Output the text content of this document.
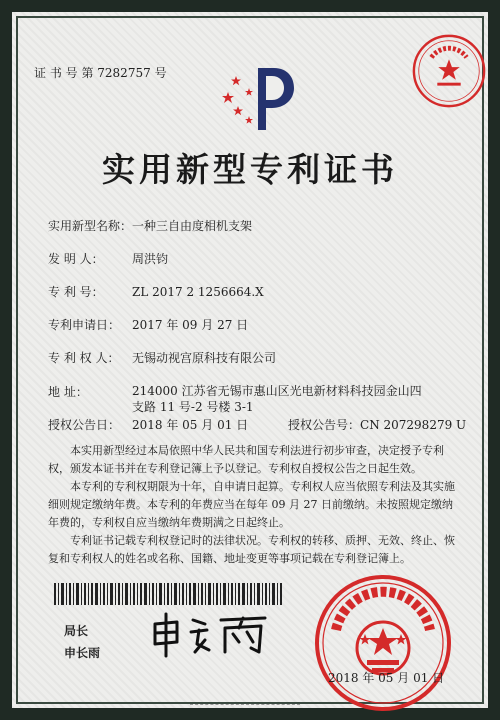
证 书 号 第 7282757 号
实用新型专利证书
实用新型名称：一种三自由度相机支架
发 明 人： 周洪钧
专 利 号： ZL 2017 2 1256664.X
专利申请日： 2017 年 09 月 27 日
专 利 权 人： 无锡动视宫原科技有限公司
地 址：	214000 江苏省无锡市惠山区光电新材料科技园金山四支路 11 号-2 号楼 3-1
授权公告日： 2018 年 05 月 01 日	授权公告号：CN 207298279 U
本实用新型经过本局依照中华人民共和国专利法进行初步审查，决定授予专利权，颁发本证书并在专利登记簿上予以登记。专利权自授权公告之日起生效。
本专利的专利权期限为十年，自申请日起算。专利权人应当依照专利法及其实施细则规定缴纳年费。本专利的年费应当在每年 09 月 27 日前缴纳。未按照规定缴纳年费的，专利权自应当缴纳年费期满之日起终止。
专利证书记载专利权登记时的法律状况。专利权的转移、质押、无效、终止、恢复和专利权人的姓名或名称、国籍、地址变更等事项记载在专利登记簿上。
局长
申长雨
2018 年 05 月 01 日
